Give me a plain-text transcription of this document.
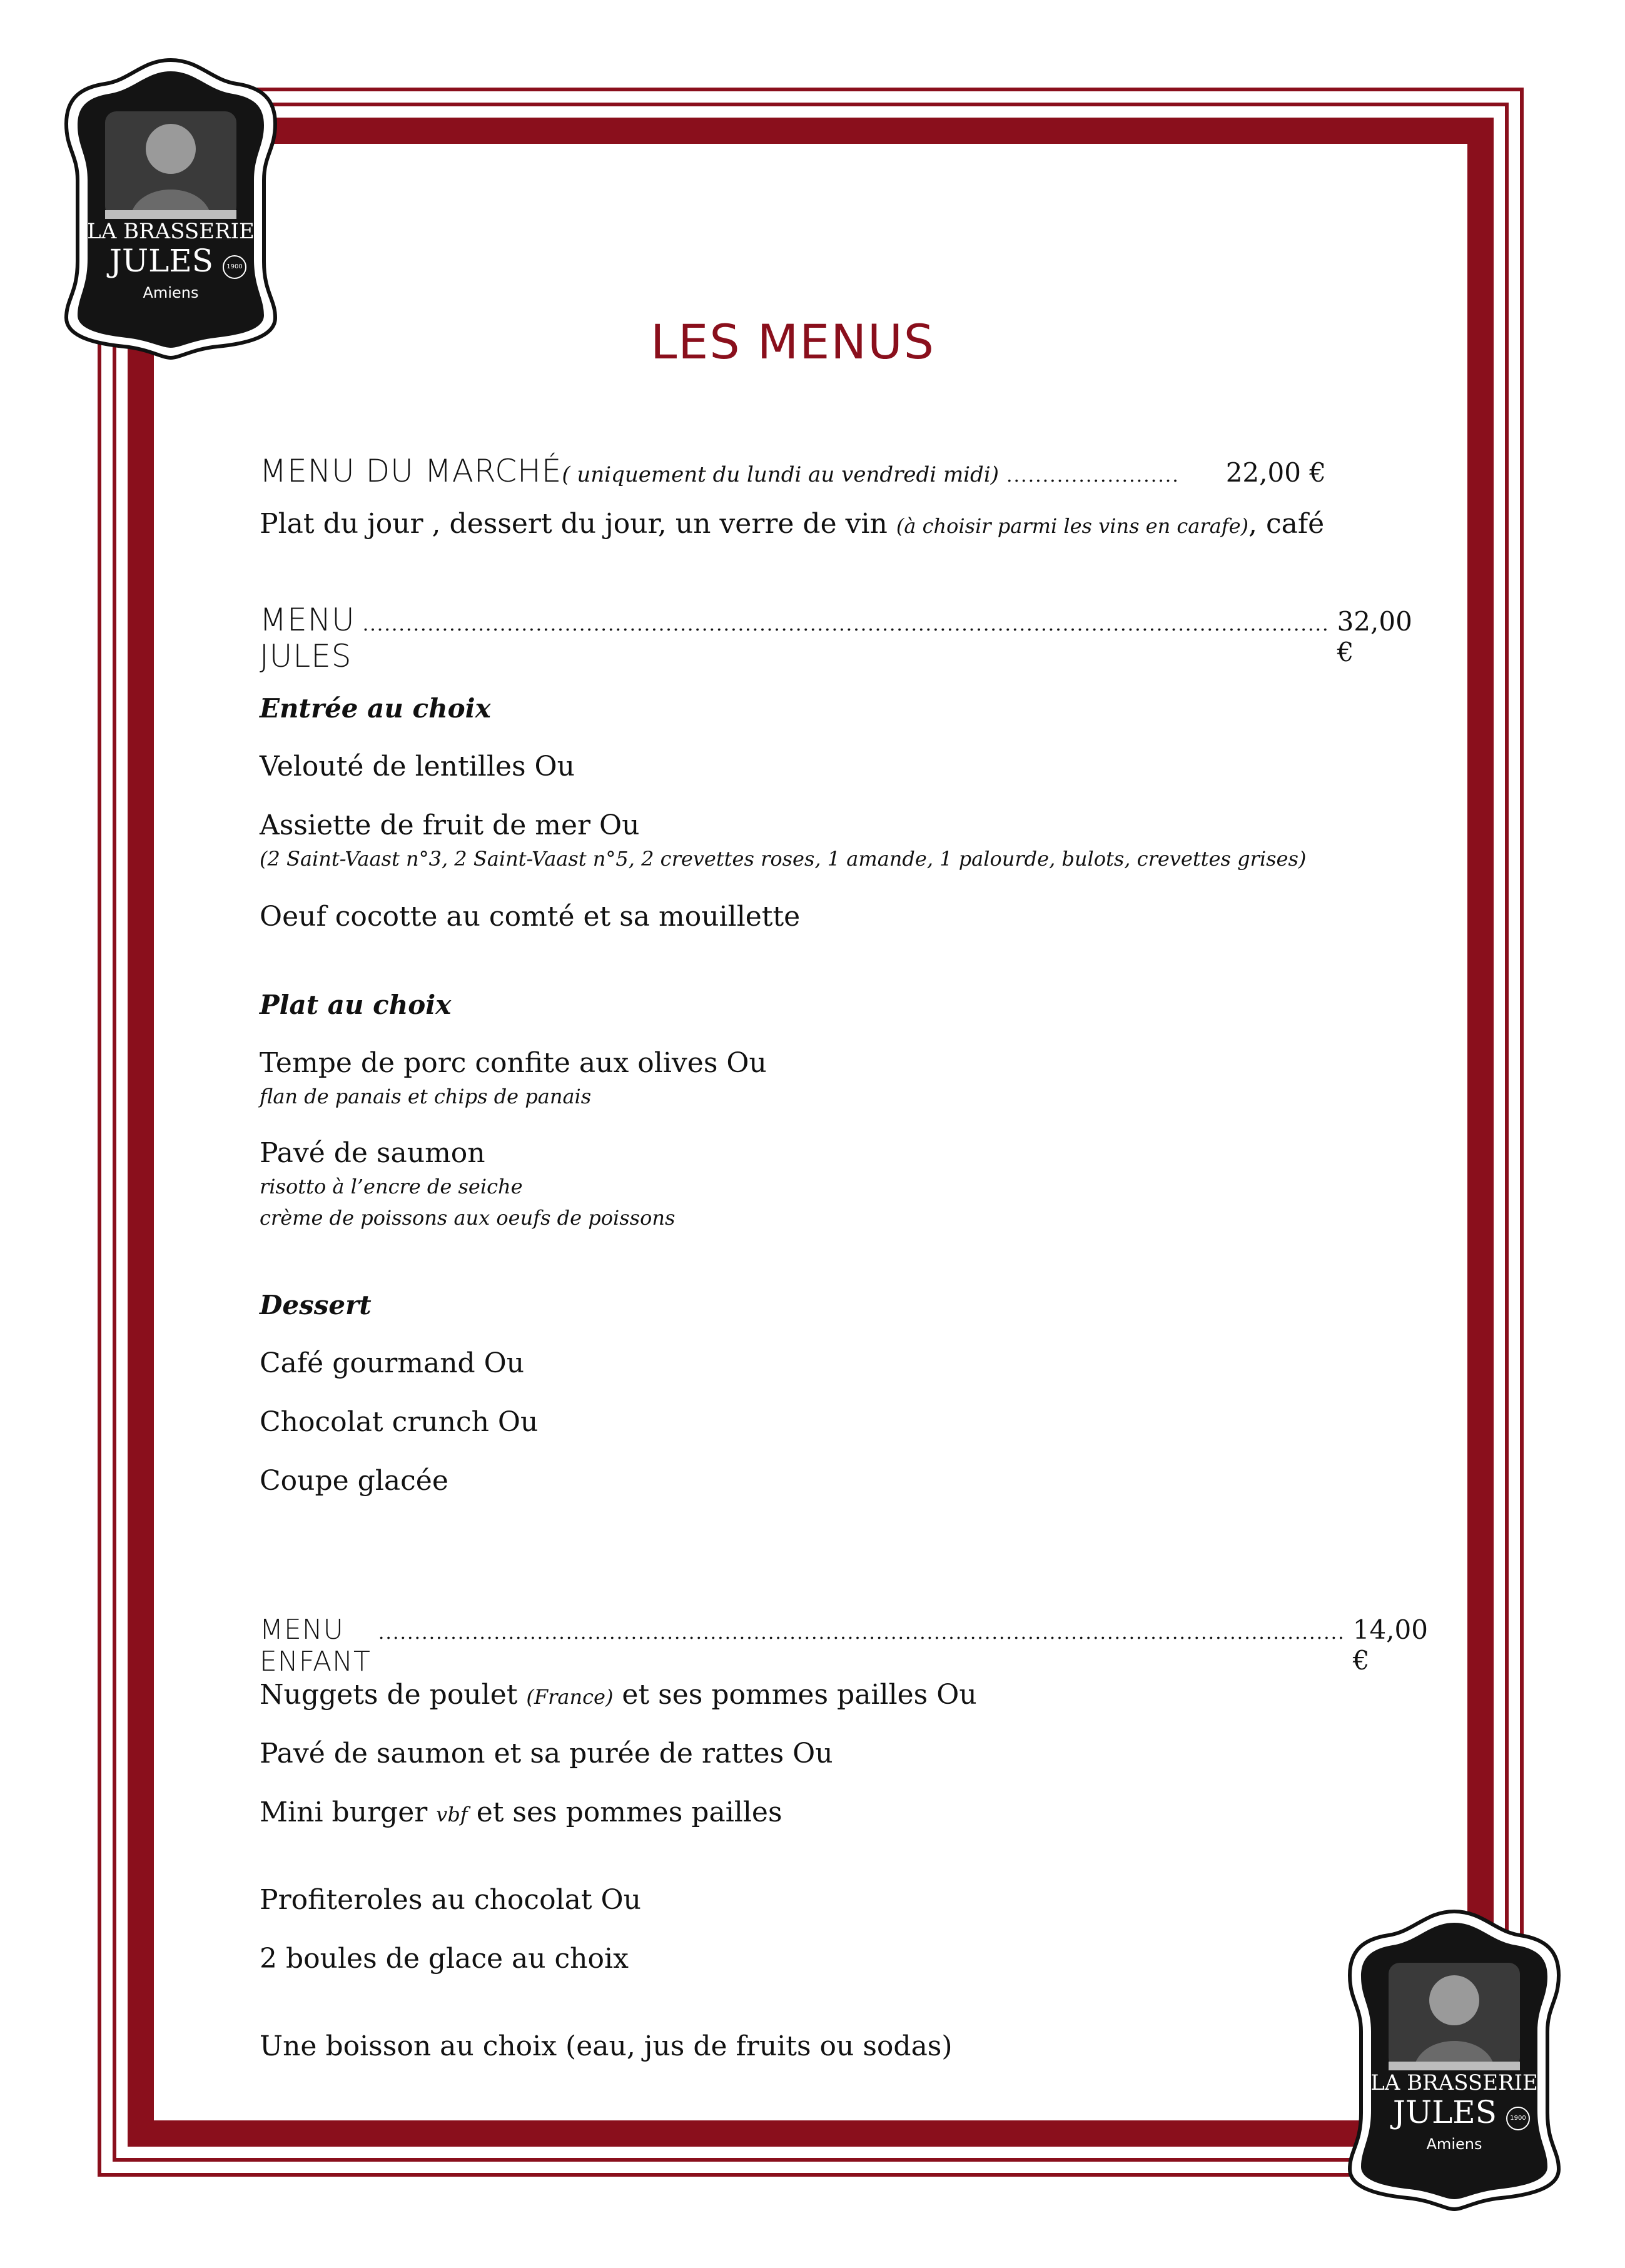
LA BRASSERIE
JULES	1900
Amiens
LA BRASSERIE
JULES	1900
Amiens
LES MENUS
MENU DU MARCHÉ ( uniquement du lundi au vendredi midi) ........................	22,00 €
Plat du jour , dessert du jour, un verre de vin (à choisir parmi les vins en carafe), café
MENU JULES
...................................................................................................................................... 32,00 €
Entrée au choix
Velouté de lentilles Ou
Assiette de fruit de mer Ou
(2 Saint-Vaast n°3, 2 Saint-Vaast n°5, 2 crevettes roses, 1 amande, 1 palourde, bulots, crevettes grises)
Oeuf cocotte au comté et sa mouillette
Plat au choix
Tempe de porc confite aux olives Ou
flan de panais et chips de panais
Pavé de saumon
risotto à l’encre de seiche
crème de poissons aux oeufs de poissons
Dessert
Café gourmand Ou
Chocolat crunch Ou
Coupe glacée
MENU ENFANT
...................................................................................................................................... 14,00 €
Nuggets de poulet (France) et ses pommes pailles Ou
Pavé de saumon et sa purée de rattes Ou
Mini burger vbf et ses pommes pailles
Profiteroles au chocolat Ou
2 boules de glace au choix
Une boisson au choix (eau, jus de fruits ou sodas)
